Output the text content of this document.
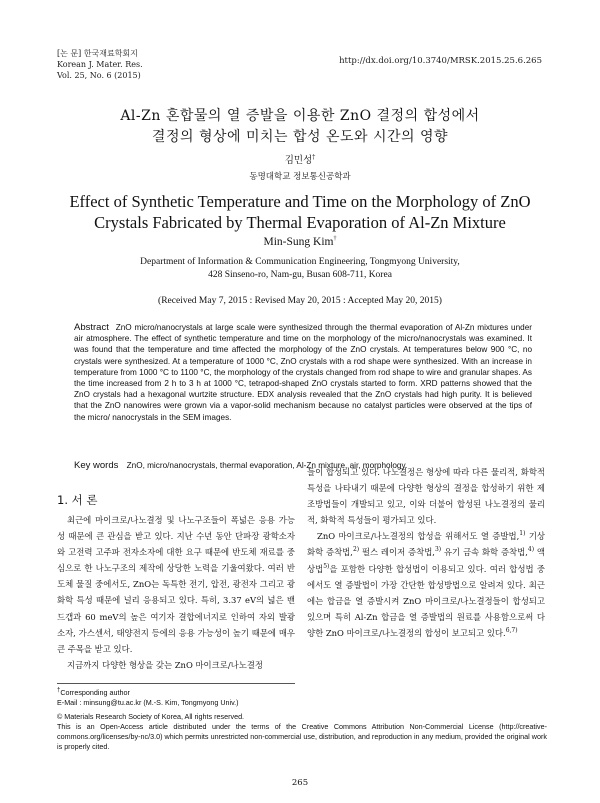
[논 문] 한국재료학회지
Korean J. Mater. Res.
Vol. 25, No. 6 (2015)
http://dx.doi.org/10.3740/MRSK.2015.25.6.265
Al-Zn 혼합물의 열 증발을 이용한 ZnO 결정의 합성에서
결정의 형상에 미치는 합성 온도와 시간의 영향
김민성†
동명대학교 정보통신공학과
Effect of Synthetic Temperature and Time on the Morphology of ZnO
Crystals Fabricated by Thermal Evaporation of Al-Zn Mixture
Min-Sung Kim†
Department of Information & Communication Engineering, Tongmyong University,
428 Sinseno-ro, Nam-gu, Busan 608-711, Korea
(Received May 7, 2015 : Revised May 20, 2015 : Accepted May 20, 2015)
Abstract ZnO micro/nanocrystals at large scale were synthesized through the thermal evaporation of Al-Zn mixtures under air atmosphere. The effect of synthetic temperature and time on the morphology of the micro/nanocrystals was examined. It was found that the temperature and time affected the morphology of the ZnO crystals. At temperatures below 900 °C, no crystals were synthesized. At a temperature of 1000 °C, ZnO crystals with a rod shape were synthesized. With an increase in temperature from 1000 °C to 1100 °C, the morphology of the crystals changed from rod shape to wire and granular shapes. As the time increased from 2 h to 3 h at 1000 °C, tetrapod-shaped ZnO crystals started to form. XRD patterns showed that the ZnO crystals had a hexagonal wurtzite structure. EDX analysis revealed that the ZnO crystals had high purity. It is believed that the ZnO nanowires were grown via a vapor-solid mechanism because no catalyst particles were observed at the tips of the micro/ nanocrystals in the SEM images.
Key words ZnO, micro/nanocrystals, thermal evaporation, Al-Zn mixture, air, morphology.
1. 서 론

최근에 마이크로/나노결정 및 나노구조들이 폭넓은 응용 가능성 때문에 큰 관심을 받고 있다. 지난 수년 동안 단파장 광학소자와 고전력 고주파 전자소자에 대한 요구 때문에 반도체 재료를 중심으로 한 나노구조의 제작에 상당한 노력을 기울여왔다. 여러 반도체 물질 중에서도, ZnO는 독특한 전기, 압전, 광전자 그리고 광화학 특성 때문에 널리 응용되고 있다. 특히, 3.37 eV의 넓은 밴드갭과 60 meV의 높은 여기자 결합에너지로 인하여 자외 발광 소자, 가스센서, 태양전지 등에의 응용 가능성이 높기 때문에 매우 큰 주목을 받고 있다.

지금까지 다양한 형상을 갖는 ZnO 마이크로/나노결정

들이 합성되고 있다. 나노결정은 형상에 따라 다른 물리적, 화학적 특성을 나타내기 때문에 다양한 형상의 결정을 합성하기 위한 제조방법들이 개발되고 있고, 이와 더불어 합성된 나노결정의 물리적, 화학적 특성들이 평가되고 있다.

ZnO 마이크로/나노결정의 합성을 위해서도 열 증발법,$^{1)}$ 기상 화학 증착법,$^{2)}$ 펄스 레이저 증착법,$^{3)}$ 유기 금속 화학 증착법,$^{4)}$ 액상법$^{5)}$을 포함한 다양한 합성법이 이용되고 있다. 여러 합성법 중에서도 열 증발법이 가장 간단한 합성방법으로 알려져 있다. 최근에는 합금을 열 증발시켜 ZnO 마이크로/나노결정들이 합성되고 있으며 특히 Al-Zn 합금을 열 증발법의 원료를 사용함으로써 다양한 ZnO 마이크로/나노결정의 합성이 보고되고 있다.$^{6,7)}$

†Corresponding author
E-Mail : minsung@tu.ac.kr (M.-S. Kim, Tongmyong Univ.)
© Materials Research Society of Korea, All rights reserved.
This is an Open-Access article distributed under the terms of the Creative Commons Attribution Non-Commercial License (http://creative-commons.org/licenses/by-nc/3.0) which permits unrestricted non-commercial use, distribution, and reproduction in any medium, provided the original work is properly cited.
265
